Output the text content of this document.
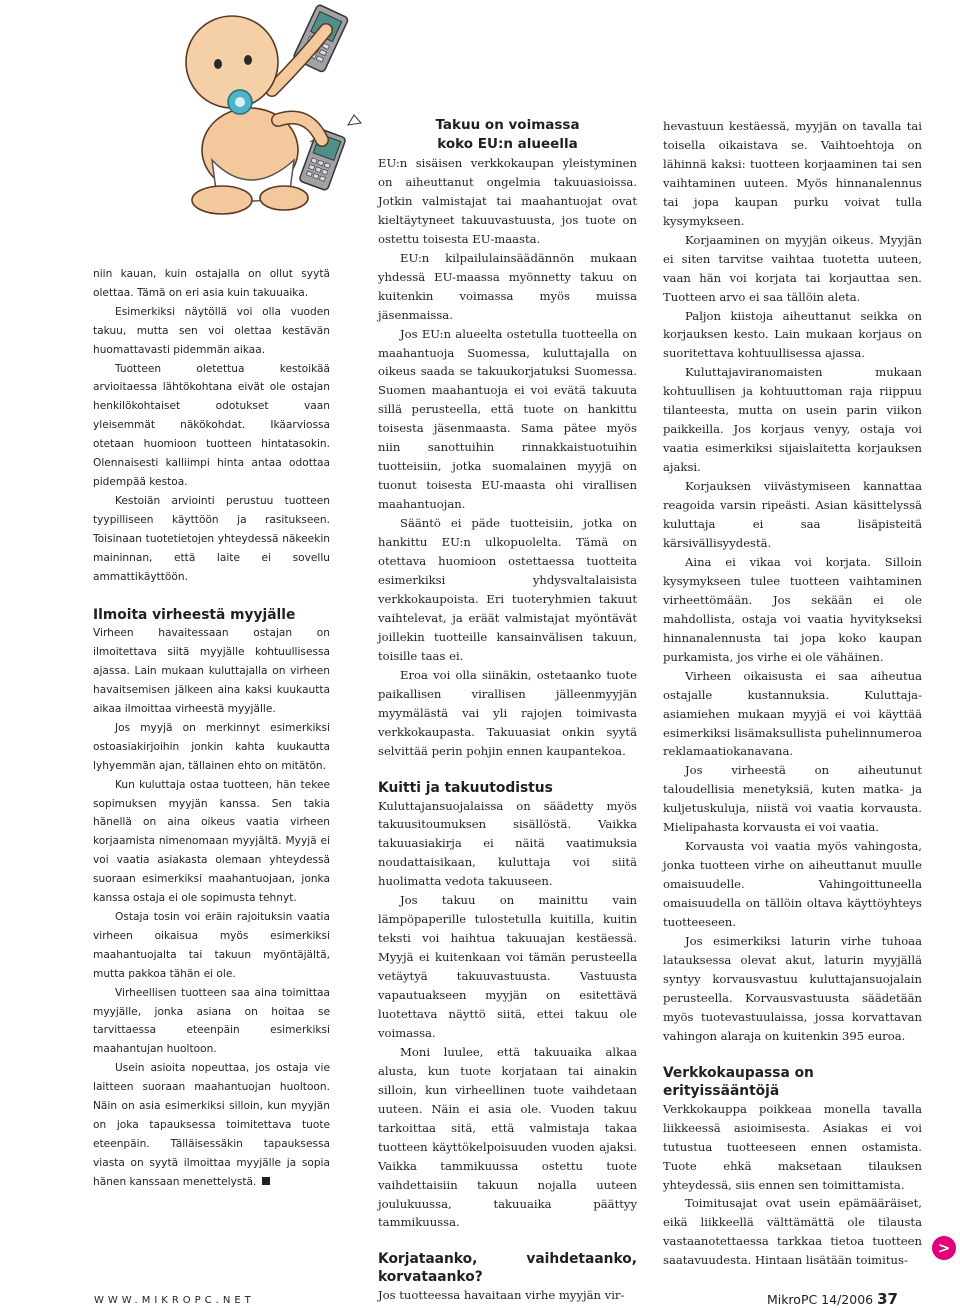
niin kauan, kuin ostajalla on ollut syytä olettaa. Tämä on eri asia kuin takuuaika.

Esimerkiksi näytöllä voi olla vuoden takuu, mutta sen voi olettaa kestävän huomattavasti pidemmän aikaa.

Tuotteen oletettua kestoikää arvioitaessa lähtökohtana eivät ole ostajan henkilökohtaiset odotukset vaan yleisemmät näkökohdat. Ikäarviossa otetaan huomioon tuotteen hintatasokin. Olennaisesti kalliimpi hinta antaa odottaa pidempää kestoa.

Kestoiän arviointi perustuu tuotteen tyypilliseen käyttöön ja rasitukseen. Toisinaan tuotetietojen yhteydessä näkeekin maininnan, että laite ei sovellu ammattikäyttöön.

Ilmoita virheestä myyjälle

Virheen havaitessaan ostajan on ilmoitettava siitä myyjälle kohtuullisessa ajassa. Lain mukaan kuluttajalla on virheen havaitsemisen jälkeen aina kaksi kuukautta aikaa ilmoittaa virheestä myyjälle.

Jos myyjä on merkinnyt esimerkiksi ostoasiakirjoihin jonkin kahta kuukautta lyhyemmän ajan, tällainen ehto on mitätön.

Kun kuluttaja ostaa tuotteen, hän tekee sopimuksen myyjän kanssa. Sen takia hänellä on aina oikeus vaatia virheen korjaamista nimenomaan myyjältä. Myyjä ei voi vaatia asiakasta olemaan yhteydessä suoraan esimerkiksi maahantuojaan, jonka kanssa ostaja ei ole sopimusta tehnyt.

Ostaja tosin voi eräin rajoituksin vaatia virheen oikaisua myös esimerkiksi maahantuojalta tai takuun myöntäjältä, mutta pakkoa tähän ei ole.

Virheellisen tuotteen saa aina toimittaa myyjälle, jonka asiana on hoitaa se tarvittaessa eteenpäin esimerkiksi maahantujan huoltoon.

Usein asioita nopeuttaa, jos ostaja vie laitteen suoraan maahantuojan huoltoon. Näin on asia esimerkiksi silloin, kun myyjän on joka tapauksessa toimitettava tuote eteenpäin. Tälläisessäkin tapauksessa viasta on syytä ilmoittaa myyjälle ja sopia hänen kanssaan menettelystä.

Takuu on voimassa
koko EU:n alueella

EU:n sisäisen verkkokaupan yleistyminen on aiheuttanut ongelmia takuuasioissa. Jotkin valmistajat tai maahantuojat ovat kieltäytyneet takuuvastuusta, jos tuote on ostettu toisesta EU-maasta.

EU:n kilpailulainsäädännön mukaan yhdessä EU-maassa myönnetty takuu on kuitenkin voimassa myös muissa jäsenmaissa.

Jos EU:n alueelta ostetulla tuotteella on maahantuoja Suomessa, kuluttajalla on oikeus saada se takuukorjatuksi Suomessa. Suomen maahantuoja ei voi evätä takuuta sillä perusteella, että tuote on hankittu toisesta jäsenmaasta. Sama pätee myös niin sanottuihin rinnakkaistuotuihin tuotteisiin, jotka suomalainen myyjä on tuonut toisesta EU-maasta ohi virallisen maahantuojan.

Sääntö ei päde tuotteisiin, jotka on hankittu EU:n ulkopuolelta. Tämä on otettava huomioon ostettaessa tuotteita esimerkiksi yhdysvaltalaisista verkkokaupoista. Eri tuoteryhmien takuut vaihtelevat, ja eräät valmistajat myöntävät joillekin tuotteille kansainvälisen takuun, toisille taas ei.

Eroa voi olla siinäkin, ostetaanko tuote paikallisen virallisen jälleenmyyjän myymälästä vai yli rajojen toimivasta verkkokaupasta. Takuuasiat onkin syytä selvittää perin pohjin ennen kaupantekoa.

Kuitti ja takuutodistus

Kuluttajansuojalaissa on säädetty myös takuusitoumuksen sisällöstä. Vaikka takuuasiakirja ei näitä vaatimuksia noudattaisikaan, kuluttaja voi siitä huolimatta vedota takuuseen.

Jos takuu on mainittu vain lämpöpaperille tulostetulla kuitilla, kuitin teksti voi haihtua takuuajan kestäessä. Myyjä ei kuitenkaan voi tämän perusteella vetäytyä takuuvastuusta. Vastuusta vapautuakseen myyjän on esitettävä luotettava näyttö siitä, ettei takuu ole voimassa.

Moni luulee, että takuuaika alkaa alusta, kun tuote korjataan tai ainakin silloin, kun virheellinen tuote vaihdetaan uuteen. Näin ei asia ole. Vuoden takuu tarkoittaa sitä, että valmistaja takaa tuotteen käyttökelpoisuuden vuoden ajaksi. Vaikka tammikuussa ostettu tuote vaihdettaisiin takuun nojalla uuteen joulukuussa, takuuaika päättyy tammikuussa.

Korjataanko, vaihdetaanko, korvataanko?

Jos tuotteessa havaitaan virhe myyjän vir-

hevastuun kestäessä, myyjän on tavalla tai toisella oikaistava se. Vaihtoehtoja on lähinnä kaksi: tuotteen korjaaminen tai sen vaihtaminen uuteen. Myös hinnanalennus tai jopa kaupan purku voivat tulla kysymykseen.

Korjaaminen on myyjän oikeus. Myyjän ei siten tarvitse vaihtaa tuotetta uuteen, vaan hän voi korjata tai korjauttaa sen. Tuotteen arvo ei saa tällöin aleta.

Paljon kiistoja aiheuttanut seikka on korjauksen kesto. Lain mukaan korjaus on suoritettava kohtuullisessa ajassa.

Kuluttajaviranomaisten mukaan kohtuullisen ja kohtuuttoman raja riippuu tilanteesta, mutta on usein parin viikon paikkeilla. Jos korjaus venyy, ostaja voi vaatia esimerkiksi sijaislaitetta korjauksen ajaksi.

Korjauksen viivästymiseen kannattaa reagoida varsin ripeästi. Asian käsittelyssä kuluttaja ei saa lisäpisteitä kärsivällisyydestä.

Aina ei vikaa voi korjata. Silloin kysymykseen tulee tuotteen vaihtaminen virheettömään. Jos sekään ei ole mahdollista, ostaja voi vaatia hyvitykseksi hinnanalennusta tai jopa koko kaupan purkamista, jos virhe ei ole vähäinen.

Virheen oikaisusta ei saa aiheutua ostajalle kustannuksia. Kuluttaja-asiamiehen mukaan myyjä ei voi käyttää esimerkiksi lisämaksullista puhelinnumeroa reklamaatiokanavana.

Jos virheestä on aiheutunut taloudellisia menetyksiä, kuten matka- ja kuljetuskuluja, niistä voi vaatia korvausta. Mielipahasta korvausta ei voi vaatia.

Korvausta voi vaatia myös vahingosta, jonka tuotteen virhe on aiheuttanut muulle omaisuudelle. Vahingoittuneella omaisuudella on tällöin oltava käyttöyhteys tuotteeseen.

Jos esimerkiksi laturin virhe tuhoaa latauksessa olevat akut, laturin myyjällä syntyy korvausvastuu kuluttajansuojalain perusteella. Korvausvastuusta säädetään myös tuotevastuulaissa, jossa korvattavan vahingon alaraja on kuitenkin 395 euroa.

Verkkokaupassa on
erityissääntöjä

Verkkokauppa poikkeaa monella tavalla liikkeessä asioimisesta. Asiakas ei voi tutustua tuotteeseen ennen ostamista. Tuote ehkä maksetaan tilauksen yhteydessä, siis ennen sen toimittamista.

Toimitusajat ovat usein epämääräiset, eikä liikkeellä välttämättä ole tilausta vastaanotettaessa tarkkaa tietoa tuotteen saatavuudesta. Hintaan lisätään toimitus-

>
WWW.MIKROPC.NET	MikroPC 14/2006 37
